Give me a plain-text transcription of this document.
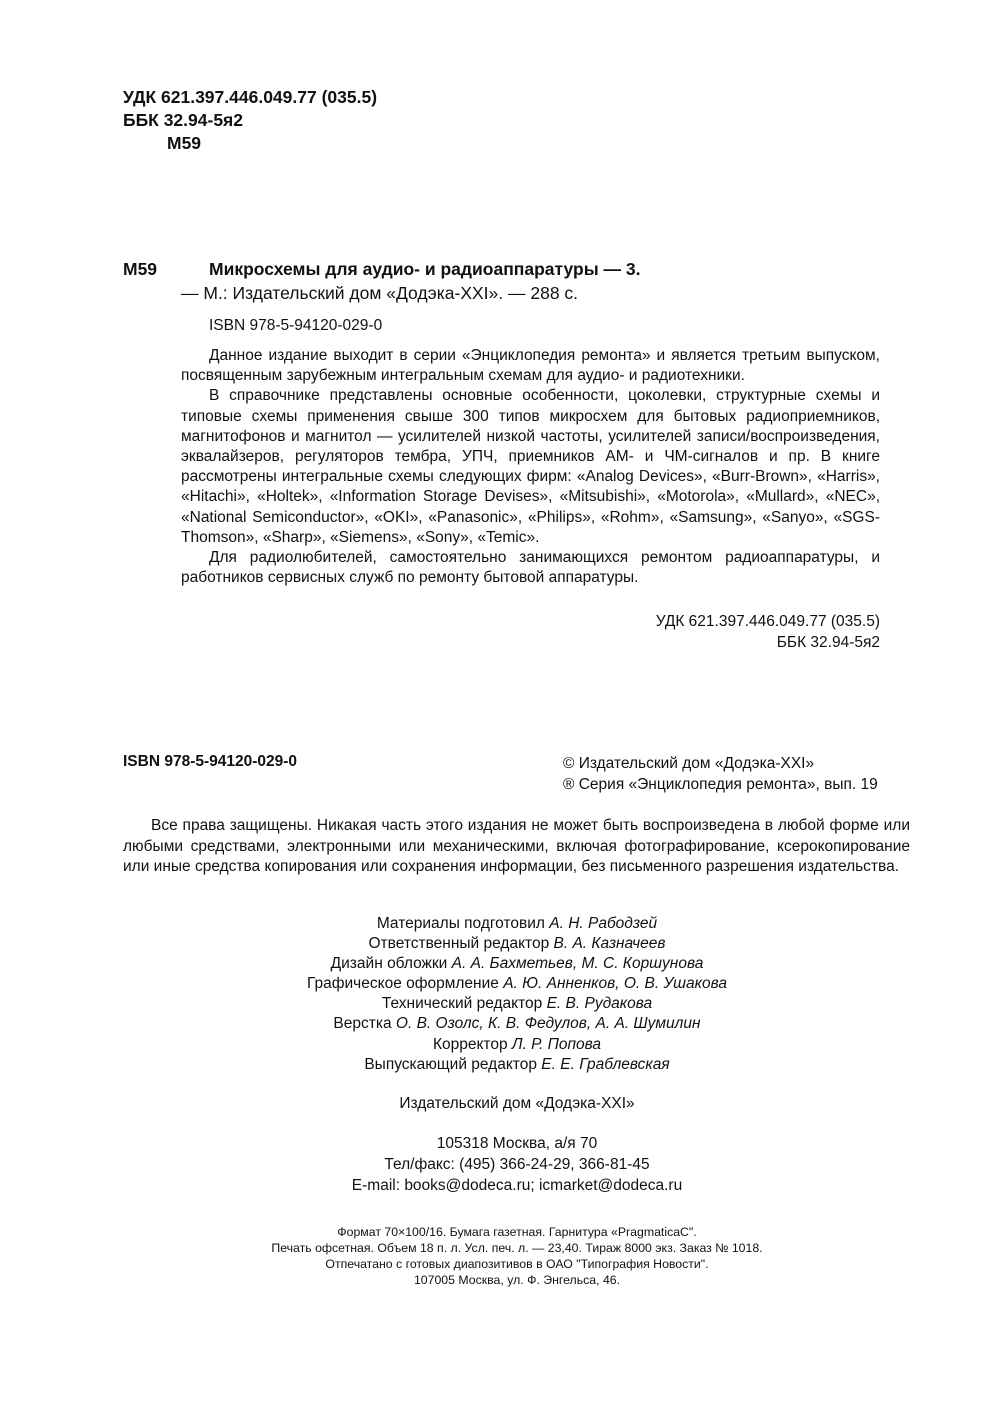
УДК 621.397.446.049.77 (035.5)
ББК 32.94-5я2
М59
М59	Микросхемы для аудио- и радиоаппаратуры — 3.
— М.: Издательский дом «Додэка-XXI». — 288 с.
ISBN 978-5-94120-029-0

Данное издание выходит в серии «Энциклопедия ремонта» и является третьим выпуском, посвященным зарубежным интегральным схемам для аудио- и радиотехники.

В справочнике представлены основные особенности, цоколевки, структурные схемы и типовые схемы применения свыше 300 типов микросхем для бытовых радиоприемников, магнитофонов и магнитол — усилителей низкой частоты, усилителей записи/воспроизведения, эквалайзеров, регуляторов тембра, УПЧ, приемников АМ- и ЧМ-сигналов и пр. В книге рассмотрены интегральные схемы следующих фирм: «Analog Devices», «Burr-Brown», «Harris», «Hitachi», «Holtek», «Information Storage Devises», «Mitsubishi», «Motorola», «Mullard», «NEC», «National Semiconductor», «OKI», «Panasonic», «Philips», «Rohm», «Samsung», «Sanyo», «SGS-Thomson», «Sharp», «Siemens», «Sony», «Temic».

Для радиолюбителей, самостоятельно занимающихся ремонтом радиоаппаратуры, и работников сервисных служб по ремонту бытовой аппаратуры.

УДК 621.397.446.049.77 (035.5)
ББК 32.94-5я2
ISBN 978-5-94120-029-0	© Издательский дом «Додэка-XXI»
® Серия «Энциклопедия ремонта», вып. 19
Все права защищены. Никакая часть этого издания не может быть воспроизведена в любой форме или любыми средствами, электронными или механическими, включая фотографирование, ксерокопирование или иные средства копирования или сохранения информации, без письменного разрешения издательства.
Материалы подготовил А. Н. Рабодзей
Ответственный редактор В. А. Казначеев
Дизайн обложки А. А. Бахметьев, М. С. Коршунова
Графическое оформление А. Ю. Анненков, О. В. Ушакова
Технический редактор Е. В. Рудакова
Верстка О. В. Озолс, К. В. Федулов, А. А. Шумилин
Корректор Л. Р. Попова
Выпускающий редактор Е. Е. Граблевская
Издательский дом «Додэка-XXI»
105318 Москва, а/я 70
Тел/факс: (495) 366-24-29, 366-81-45
E-mail: books@dodeca.ru; icmarket@dodeca.ru
Формат 70×100/16. Бумага газетная. Гарнитура «PragmaticaC".
Печать офсетная. Объем 18 п. л. Усл. печ. л. — 23,40. Тираж 8000 экз. Заказ № 1018.
Отпечатано с готовых диапозитивов в ОАО "Типография Новости".
107005 Москва, ул. Ф. Энгельса, 46.
